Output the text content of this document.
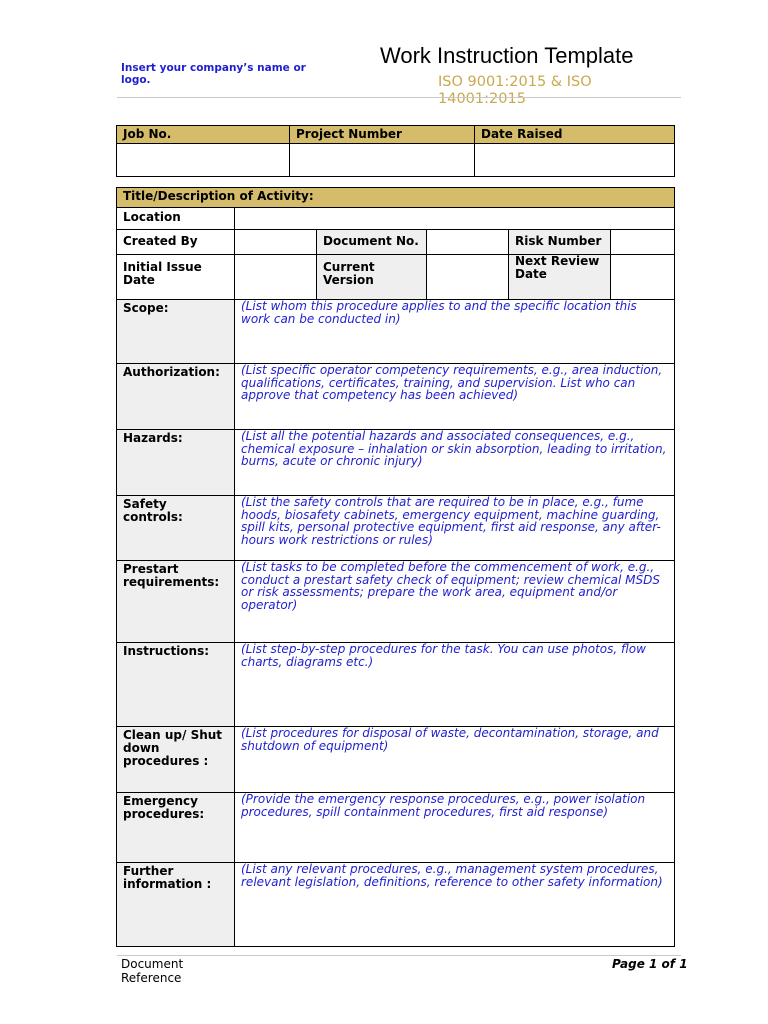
Insert your company’s name or logo.
Work Instruction Template
ISO 9001:2015 & ISO 14001:2015
Job No.	Project Number	Date Raised

Title/Description of Activity:					
Location					
Created By		Document No.		Risk Number	
Initial Issue Date		Current Version		Next Review Date	
Scope:	(List whom this procedure applies to and the specific location this work can be conducted in)				
Authorization:	(List specific operator competency requirements, e.g., area induction, qualifications, certificates, training, and supervision. List who can approve that competency has been achieved)				
Hazards:	(List all the potential hazards and associated consequences, e.g., chemical exposure – inhalation or skin absorption, leading to irritation, burns, acute or chronic injury)				
Safety controls:	(List the safety controls that are required to be in place, e.g., fume hoods, biosafety cabinets, emergency equipment, machine guarding, spill kits, personal protective equipment, first aid response, any after-hours work restrictions or rules)				
Prestart requirements:	(List tasks to be completed before the commencement of work, e.g., conduct a prestart safety check of equipment; review chemical MSDS or risk assessments; prepare the work area, equipment and/or operator)				
Instructions:	(List step-by-step procedures for the task. You can use photos, flow charts, diagrams etc.)				
Clean up/ Shut down procedures :	(List procedures for disposal of waste, decontamination, storage, and shutdown of equipment)				
Emergency procedures:	(Provide the emergency response procedures, e.g., power isolation procedures, spill containment procedures, first aid response)				
Further information :	(List any relevant procedures, e.g., management system procedures, relevant legislation, definitions, reference to other safety information)				
Document Reference
Page 1 of 1
